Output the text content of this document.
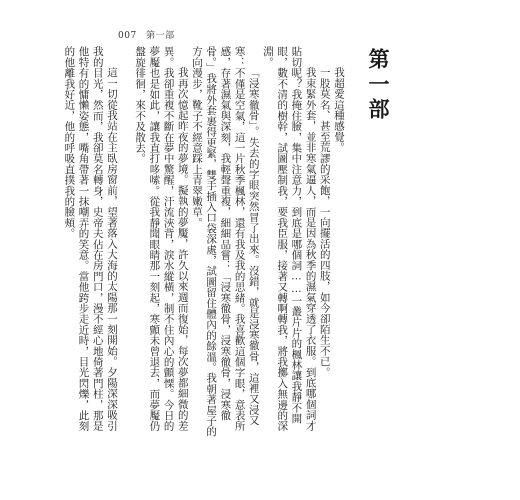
007 第一部
第一部

我超愛這種感覺。

一股莫名、甚至荒謬的采飽，一向擺活的四肢，如今卻陌生不已。

我束緊外套，並非寒氣逼人，而是因為秋季的濕氣穿透了衣服。到底哪個詞才貼切呢？我掩住臉，集中注意力，到底是哪個詞……一叢片片的楓林讓我靜不開眼，數不清的樹幹，試圖壓制我，要我臣服，接著又轉啊轉我，將我擲入無邊的深淵。

「浸寒徹骨」。失去的字眼突然冒了出來。沒錯，就是浸寒徹骨，這裡又浸又寒：不僅是空氣，這一片秋季楓林，還有我及我的思緒。我喜歡這個字眼，意表所感，存著濕氣與深刻，我輕聲重複，細細品嘗：「浸寒徹骨，浸寒徹骨，浸寒徹骨。」我將外套裹得更緊，雙手插入口袋深處，試圖留住體內的餘溫。我朝著屋子的方向漫步，靴子不經意踩上青翠嫩草。

我再次憶起昨夜的夢境。擬執的夢魘，許久以來週而復始，每次夢都細微的差異。我卻重複不斷在夢中驚醒，汗流浹背，淚水縱橫，制不住內心的顫慄。今日的夢魘也是如此，讓我直打哆嗦。從我靜聞眼睛那一刻起，寒顫未曾退去，而夢魘仍盤旋徘徊，來不及散去。

這一切從我站在主臥房窗前，望著落入大海的太陽那一刻開始。夕陽深深吸引我的目光，然而，我卻莫名轉身，史帝夫佔在房門口，漫不經心地倚著門柱，那是他特有的慵懶姿態，嘴角帶著一抹嘲弄的笑意。當他跨步走近時，目光閃爍，此刻的他離我好近，他的呼吸直撲我的臉頰。
